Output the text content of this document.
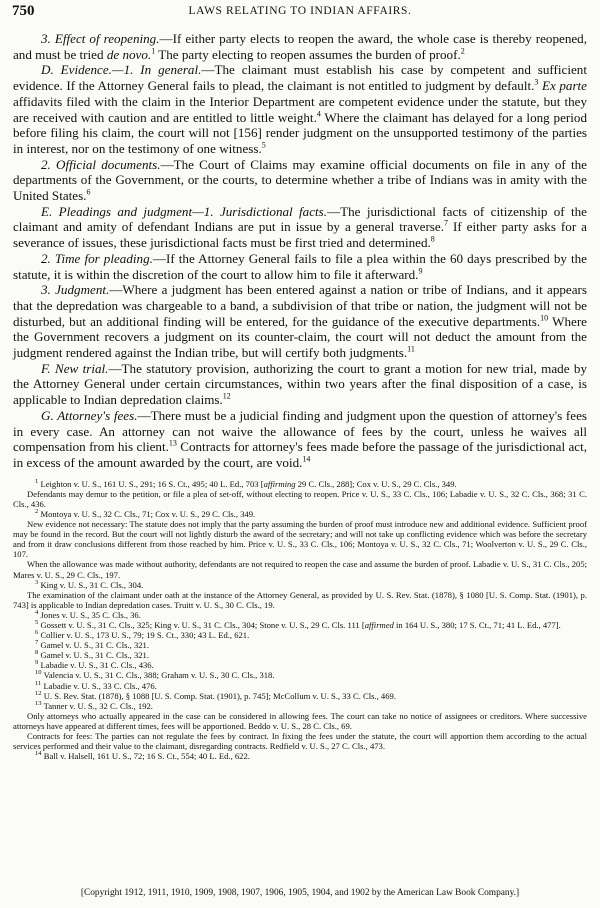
750	LAWS RELATING TO INDIAN AFFAIRS.

3. Effect of reopening.—If either party elects to reopen the award, the whole case is thereby reopened, and must be tried de novo.$^1$ The party electing to reopen assumes the burden of proof.$^2$

D. Evidence.—1. In general.—The claimant must establish his case by competent and sufficient evidence. If the Attorney General fails to plead, the claimant is not entitled to judgment by default.$^3$ Ex parte affidavits filed with the claim in the Interior Department are competent evidence under the statute, but they are received with caution and are entitled to little weight.$^4$ Where the claimant has delayed for a long period before filing his claim, the court will not [156] render judgment on the unsupported testimony of the parties in interest, nor on the testimony of one witness.$^5$

2. Official documents.—The Court of Claims may examine official documents on file in any of the departments of the Government, or the courts, to determine whether a tribe of Indians was in amity with the United States.$^6$

E. Pleadings and judgment—1. Jurisdictional facts.—The jurisdictional facts of citizenship of the claimant and amity of defendant Indians are put in issue by a general traverse.$^7$ If either party asks for a severance of issues, these jurisdictional facts must be first tried and determined.$^8$

2. Time for pleading.—If the Attorney General fails to file a plea within the 60 days prescribed by the statute, it is within the discretion of the court to allow him to file it afterward.$^9$

3. Judgment.—Where a judgment has been entered against a nation or tribe of Indians, and it appears that the depredation was chargeable to a band, a subdivision of that tribe or nation, the judgment will not be disturbed, but an additional finding will be entered, for the guidance of the executive departments.$^{10}$ Where the Government recovers a judgment on its counter-claim, the court will not deduct the amount from the judgment rendered against the Indian tribe, but will certify both judgments.$^{11}$

F. New trial.—The statutory provision, authorizing the court to grant a motion for new trial, made by the Attorney General under certain circumstances, within two years after the final disposition of a case, is applicable to Indian depredation claims.$^{12}$

G. Attorney's fees.—There must be a judicial finding and judgment upon the question of attorney's fees in every case. An attorney can not waive the allowance of fees by the court, unless he waives all compensation from his client.$^{13}$ Contracts for attorney's fees made before the passage of the jurisdictional act, in excess of the amount awarded by the court, are void.$^{14}$

$^1$ Leighton v. U. S., 161 U. S., 291; 16 S. Ct., 495; 40 L. Ed., 703 [affirming 29 C. Cls., 288]; Cox v. U. S., 29 C. Cls., 349.

Defendants may demur to the petition, or file a plea of set-off, without electing to reopen. Price v. U. S., 33 C. Cls., 106; Labadie v. U. S., 32 C. Cls., 368; 31 C. Cls., 436.

$^2$ Montoya v. U. S., 32 C. Cls., 71; Cox v. U. S., 29 C. Cls., 349.

New evidence not necessary: The statute does not imply that the party assuming the burden of proof must introduce new and additional evidence. Sufficient proof may be found in the record. But the court will not lightly disturb the award of the secretary; and will not take up conflicting evidence which was before the secretary and from it draw conclusions different from those reached by him. Price v. U. S., 33 C. Cls., 106; Montoya v. U. S., 32 C. Cls., 71; Woolverton v. U. S., 29 C. Cls., 107.

When the allowance was made without authority, defendants are not required to reopen the case and assume the burden of proof. Labadie v. U. S., 31 C. Cls., 205; Mares v. U. S., 29 C. Cls., 197.

$^3$ King v. U. S., 31 C. Cls., 304.

The examination of the claimant under oath at the instance of the Attorney General, as provided by U. S. Rev. Stat. (1878), § 1080 [U. S. Comp. Stat. (1901), p. 743] is applicable to Indian depredation cases. Truitt v. U. S., 30 C. Cls., 19.

$^4$ Jones v. U. S., 35 C. Cls., 36.

$^5$ Gossett v. U. S., 31 C. Cls., 325; King v. U. S., 31 C. Cls., 304; Stone v. U. S., 29 C. Cls. 111 [affirmed in 164 U. S., 380; 17 S. Ct., 71; 41 L. Ed., 477].

$^6$ Collier v. U. S., 173 U. S., 79; 19 S. Ct., 330; 43 L. Ed., 621.

$^7$ Gamel v. U. S., 31 C. Cls., 321.

$^8$ Gamel v. U. S., 31 C. Cls., 321.

$^9$ Labadie v. U. S., 31 C. Cls., 436.

$^{10}$ Valencia v. U. S., 31 C. Cls., 388; Graham v. U. S., 30 C. Cls., 318.

$^{11}$ Labadie v. U. S., 33 C. Cls., 476.

$^{12}$ U. S. Rev. Stat. (1878), § 1088 [U. S. Comp. Stat. (1901), p. 745]; McCollum v. U. S., 33 C. Cls., 469.

$^{13}$ Tanner v. U. S., 32 C. Cls., 192.

Only attorneys who actually appeared in the case can be considered in allowing fees. The court can take no notice of assignees or creditors. Where successive attorneys have appeared at different times, fees will be apportioned. Beddo v. U. S., 28 C. Cls., 69.

Contracts for fees: The parties can not regulate the fees by contract. In fixing the fees under the statute, the court will apportion them according to the actual services performed and their value to the claimant, disregarding contracts. Redfield v. U. S., 27 C. Cls., 473.

$^{14}$ Ball v. Halsell, 161 U. S., 72; 16 S. Ct., 554; 40 L. Ed., 622.

[Copyright 1912, 1911, 1910, 1909, 1908, 1907, 1906, 1905, 1904, and 1902 by the American Law Book Company.]
